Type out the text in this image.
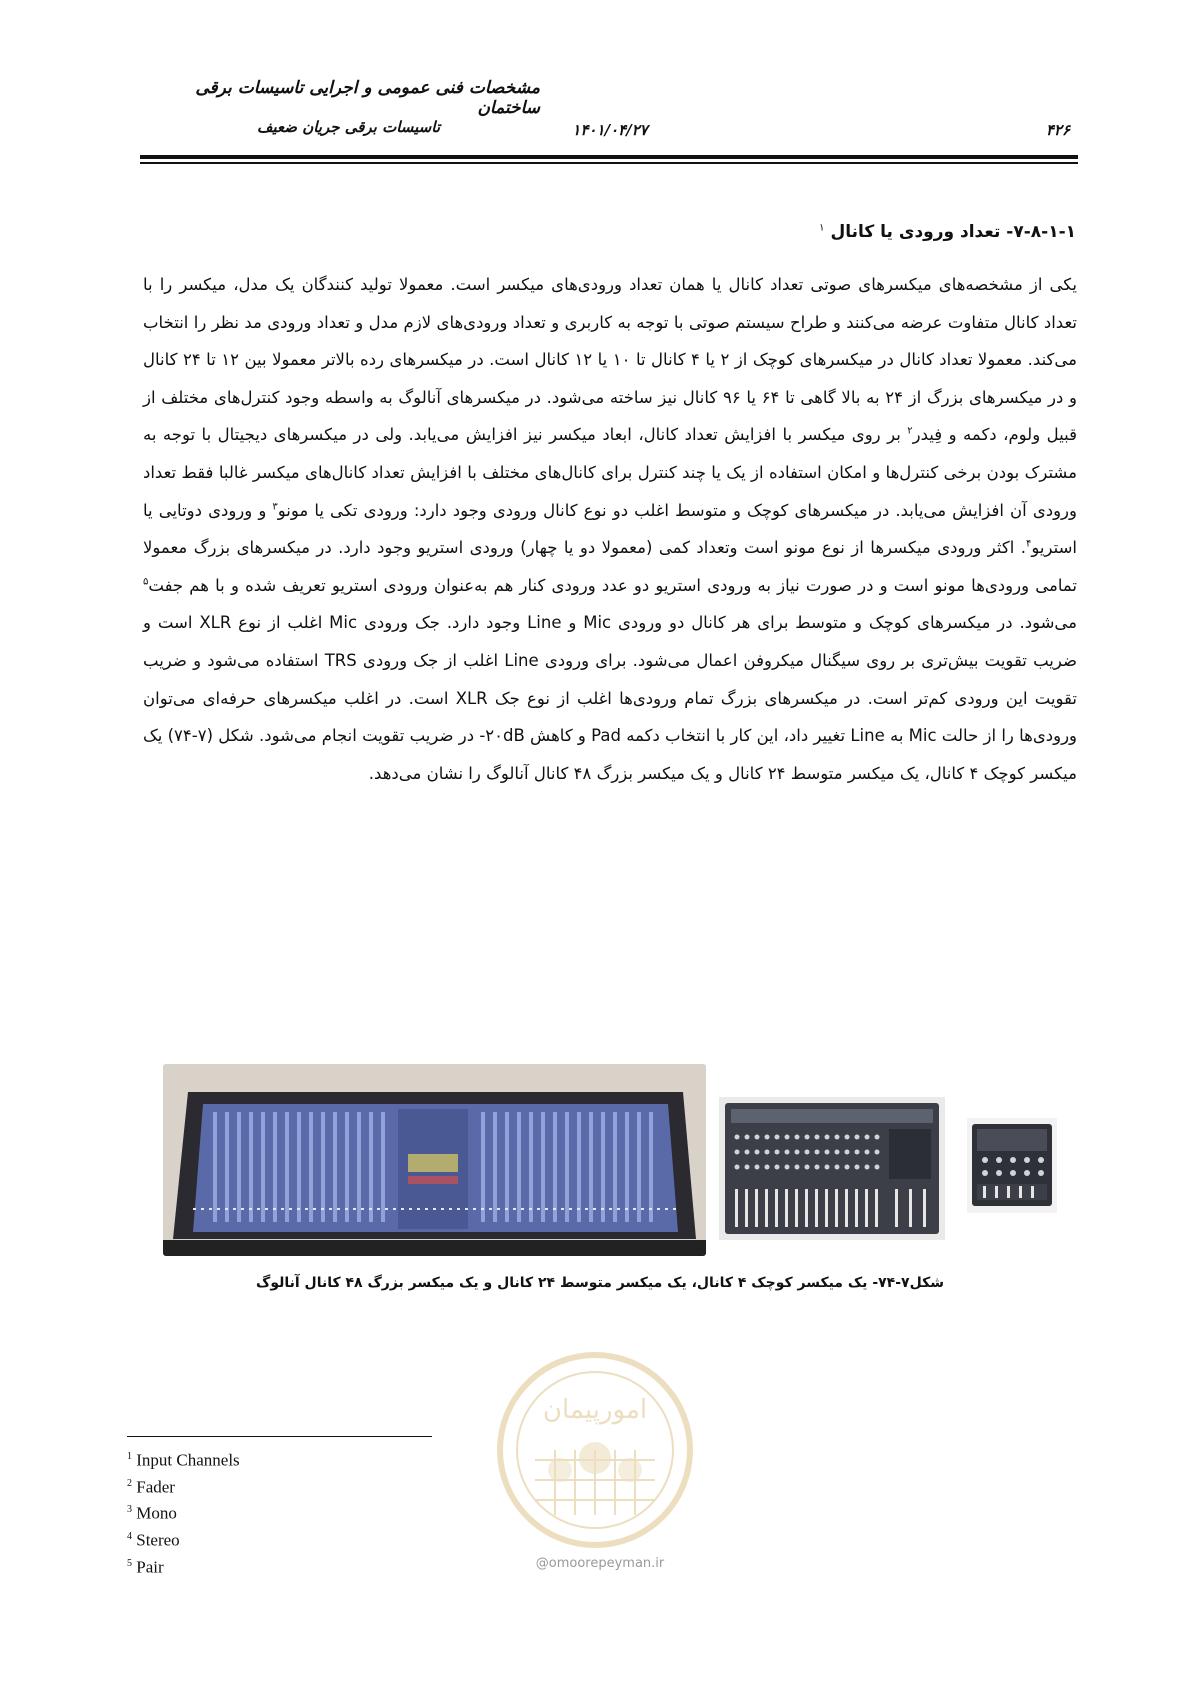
مشخصات فنی عمومی و اجرایی تاسیسات برقی ساختمان
تاسیسات برقی جریان ضعیف	۱۴۰۱/۰۴/۲۷	۴۲۶
۷-۸-۱-۱- تعداد ورودی یا کانال $^۱$
یکی از مشخصه‌های میکسرهای صوتی تعداد کانال یا همان تعداد ورودی‌های میکسر است. معمولا تولید کنندگان یک مدل، میکسر را با تعداد کانال متفاوت عرضه می‌کنند و طراح سیستم صوتی با توجه به کاربری و تعداد ورودی‌های لازم مدل و تعداد ورودی مد نظر را انتخاب می‌کند. معمولا تعداد کانال در میکسرهای کوچک از ۲ یا ۴ کانال تا ۱۰ یا ۱۲ کانال است. در میکسرهای رده بالاتر معمولا بین ۱۲ تا ۲۴ کانال و در میکسرهای بزرگ از ۲۴ به بالا گاهی تا ۶۴ یا ۹۶ کانال نیز ساخته می‌شود. در میکسرهای آنالوگ به واسطه وجود کنترل‌های مختلف از قبیل ولوم، دکمه و فِیدر$^۲$ بر روی میکسر با افزایش تعداد کانال، ابعاد میکسر نیز افزایش می‌یابد. ولی در میکسرهای دیجیتال با توجه به مشترک بودن برخی کنترل‌ها و امکان استفاده از یک یا چند کنترل برای کانال‌های مختلف با افزایش تعداد کانال‌های میکسر غالبا فقط تعداد ورودی آن افزایش می‌یابد. در میکسرهای کوچک و متوسط اغلب دو نوع کانال ورودی وجود دارد: ورودی تکی یا مونو$^۳$ و ورودی دوتایی یا استریو$^۴$. اکثر ورودی میکسرها از نوع مونو است وتعداد کمی (معمولا دو یا چهار) ورودی استریو وجود دارد. در میکسرهای بزرگ معمولا تمامی ورودی‌ها مونو است و در صورت نیاز به ورودی استریو دو عدد ورودی کنار هم به‌عنوان ورودی استریو تعریف شده و با هم جفت$^۵$ می‌شود. در میکسرهای کوچک و متوسط برای هر کانال دو ورودی Mic و Line وجود دارد. جک ورودی Mic اغلب از نوع XLR است و ضریب تقویت بیش‌تری بر روی سیگنال میکروفن اعمال می‌شود. برای ورودی Line اغلب از جک ورودی TRS استفاده می‌شود و ضریب تقویت این ورودی کم‌تر است. در میکسرهای بزرگ تمام ورودی‌ها اغلب از نوع جک XLR است. در اغلب میکسرهای حرفه‌ای می‌توان ورودی‌ها را از حالت Mic به Line تغییر داد، این کار با انتخاب دکمه Pad و کاهش ۲۰dB- در ضریب تقویت انجام می‌شود. شکل (۷-۷۴) یک میکسر کوچک ۴ کانال، یک میکسر متوسط ۲۴ کانال و یک میکسر بزرگ ۴۸ کانال آنالوگ را نشان می‌دهد.
شکل۷-۷۴- یک میکسر کوچک ۴ کانال، یک میکسر متوسط ۲۴ کانال و یک میکسر بزرگ ۴۸ کانال آنالوگ
امورپیمان
@omoorepeyman.ir
$^1$ Input Channels
$^2$ Fader
$^3$ Mono
$^4$ Stereo
$^5$ Pair
